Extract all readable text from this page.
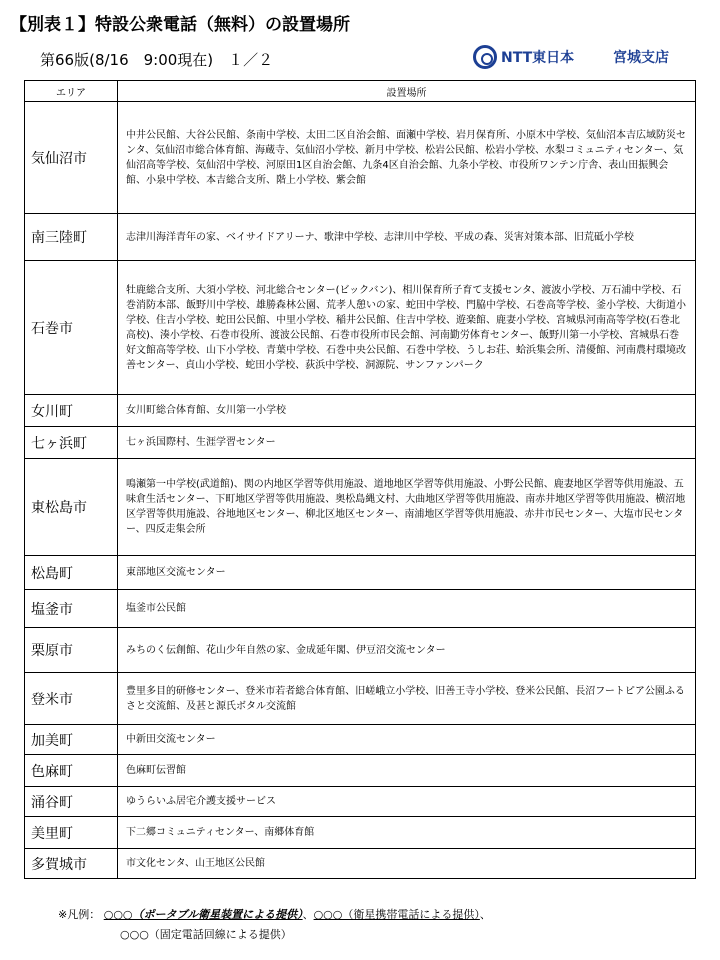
【別表１】特設公衆電話（無料）の設置場所
第66版(8/16　9:00現在)　１／２	NTT東日本	宮城支店
エリア	設置場所
気仙沼市	中井公民館、大谷公民館、条南中学校、太田二区自治会館、面瀬中学校、岩月保育所、小原木中学校、気仙沼本吉広域防災センタ、気仙沼市総合体育館、海蔵寺、気仙沼小学校、新月中学校、松岩公民館、松岩小学校、水梨コミュニティセンター、気仙沼高等学校、気仙沼中学校、河原田1区自治会館、九条4区自治会館、九条小学校、市役所ワンテン庁舎、表山田振興会館、小泉中学校、本吉総合支所、階上小学校、紫会館
南三陸町	志津川海洋青年の家、ベイサイドアリーナ、歌津中学校、志津川中学校、平成の森、災害対策本部、旧荒砥小学校
石巻市	牡鹿総合支所、大須小学校、河北総合センター(ビックバン)、相川保育所子育て支援センタ、渡波小学校、万石浦中学校、石巻消防本部、飯野川中学校、雄勝森林公園、荒孝人憩いの家、蛇田中学校、門脇中学校、石巻高等学校、釜小学校、大街道小学校、住吉小学校、蛇田公民館、中里小学校、稲井公民館、住吉中学校、遊楽館、鹿妻小学校、宮城県河南高等学校(石巻北高校)、湊小学校、石巻市役所、渡波公民館、石巻市役所市民会館、河南勤労体育センター、飯野川第一小学校、宮城県石巻好文館高等学校、山下小学校、青葉中学校、石巻中央公民館、石巻中学校、うしお荘、蛤浜集会所、清優館、河南農村環境改善センター、貞山小学校、蛇田小学校、荻浜中学校、洞源院、サンファンパーク
女川町	女川町総合体育館、女川第一小学校
七ヶ浜町	七ヶ浜国際村、生涯学習センター
東松島市	鳴瀬第一中学校(武道館)、関の内地区学習等供用施設、道地地区学習等供用施設、小野公民館、鹿妻地区学習等供用施設、五味倉生活センター、下町地区学習等供用施設、奥松島縄文村、大曲地区学習等供用施設、南赤井地区学習等供用施設、横沼地区学習等供用施設、谷地地区センター、柳北区地区センター、南浦地区学習等供用施設、赤井市民センター、大塩市民センター、四反走集会所
松島町	東部地区交流センター
塩釜市	塩釜市公民館
栗原市	みちのく伝創館、花山少年自然の家、金成延年閣、伊豆沼交流センター
登米市	豊里多目的研修センター、登米市若者総合体育館、旧嵯峨立小学校、旧善王寺小学校、登米公民館、長沼フートピア公園ふるさと交流館、及甚と源氏ボタル交流館
加美町	中新田交流センター
色麻町	色麻町伝習館
涌谷町	ゆうらいふ居宅介護支援サービス
美里町	下二郷コミュニティセンター、南郷体育館
多賀城市	市文化センタ、山王地区公民館
※凡例： ○○○（ポータブル衛星装置による提供）、○○○（衛星携帯電話による提供）、
○○○（固定電話回線による提供）
